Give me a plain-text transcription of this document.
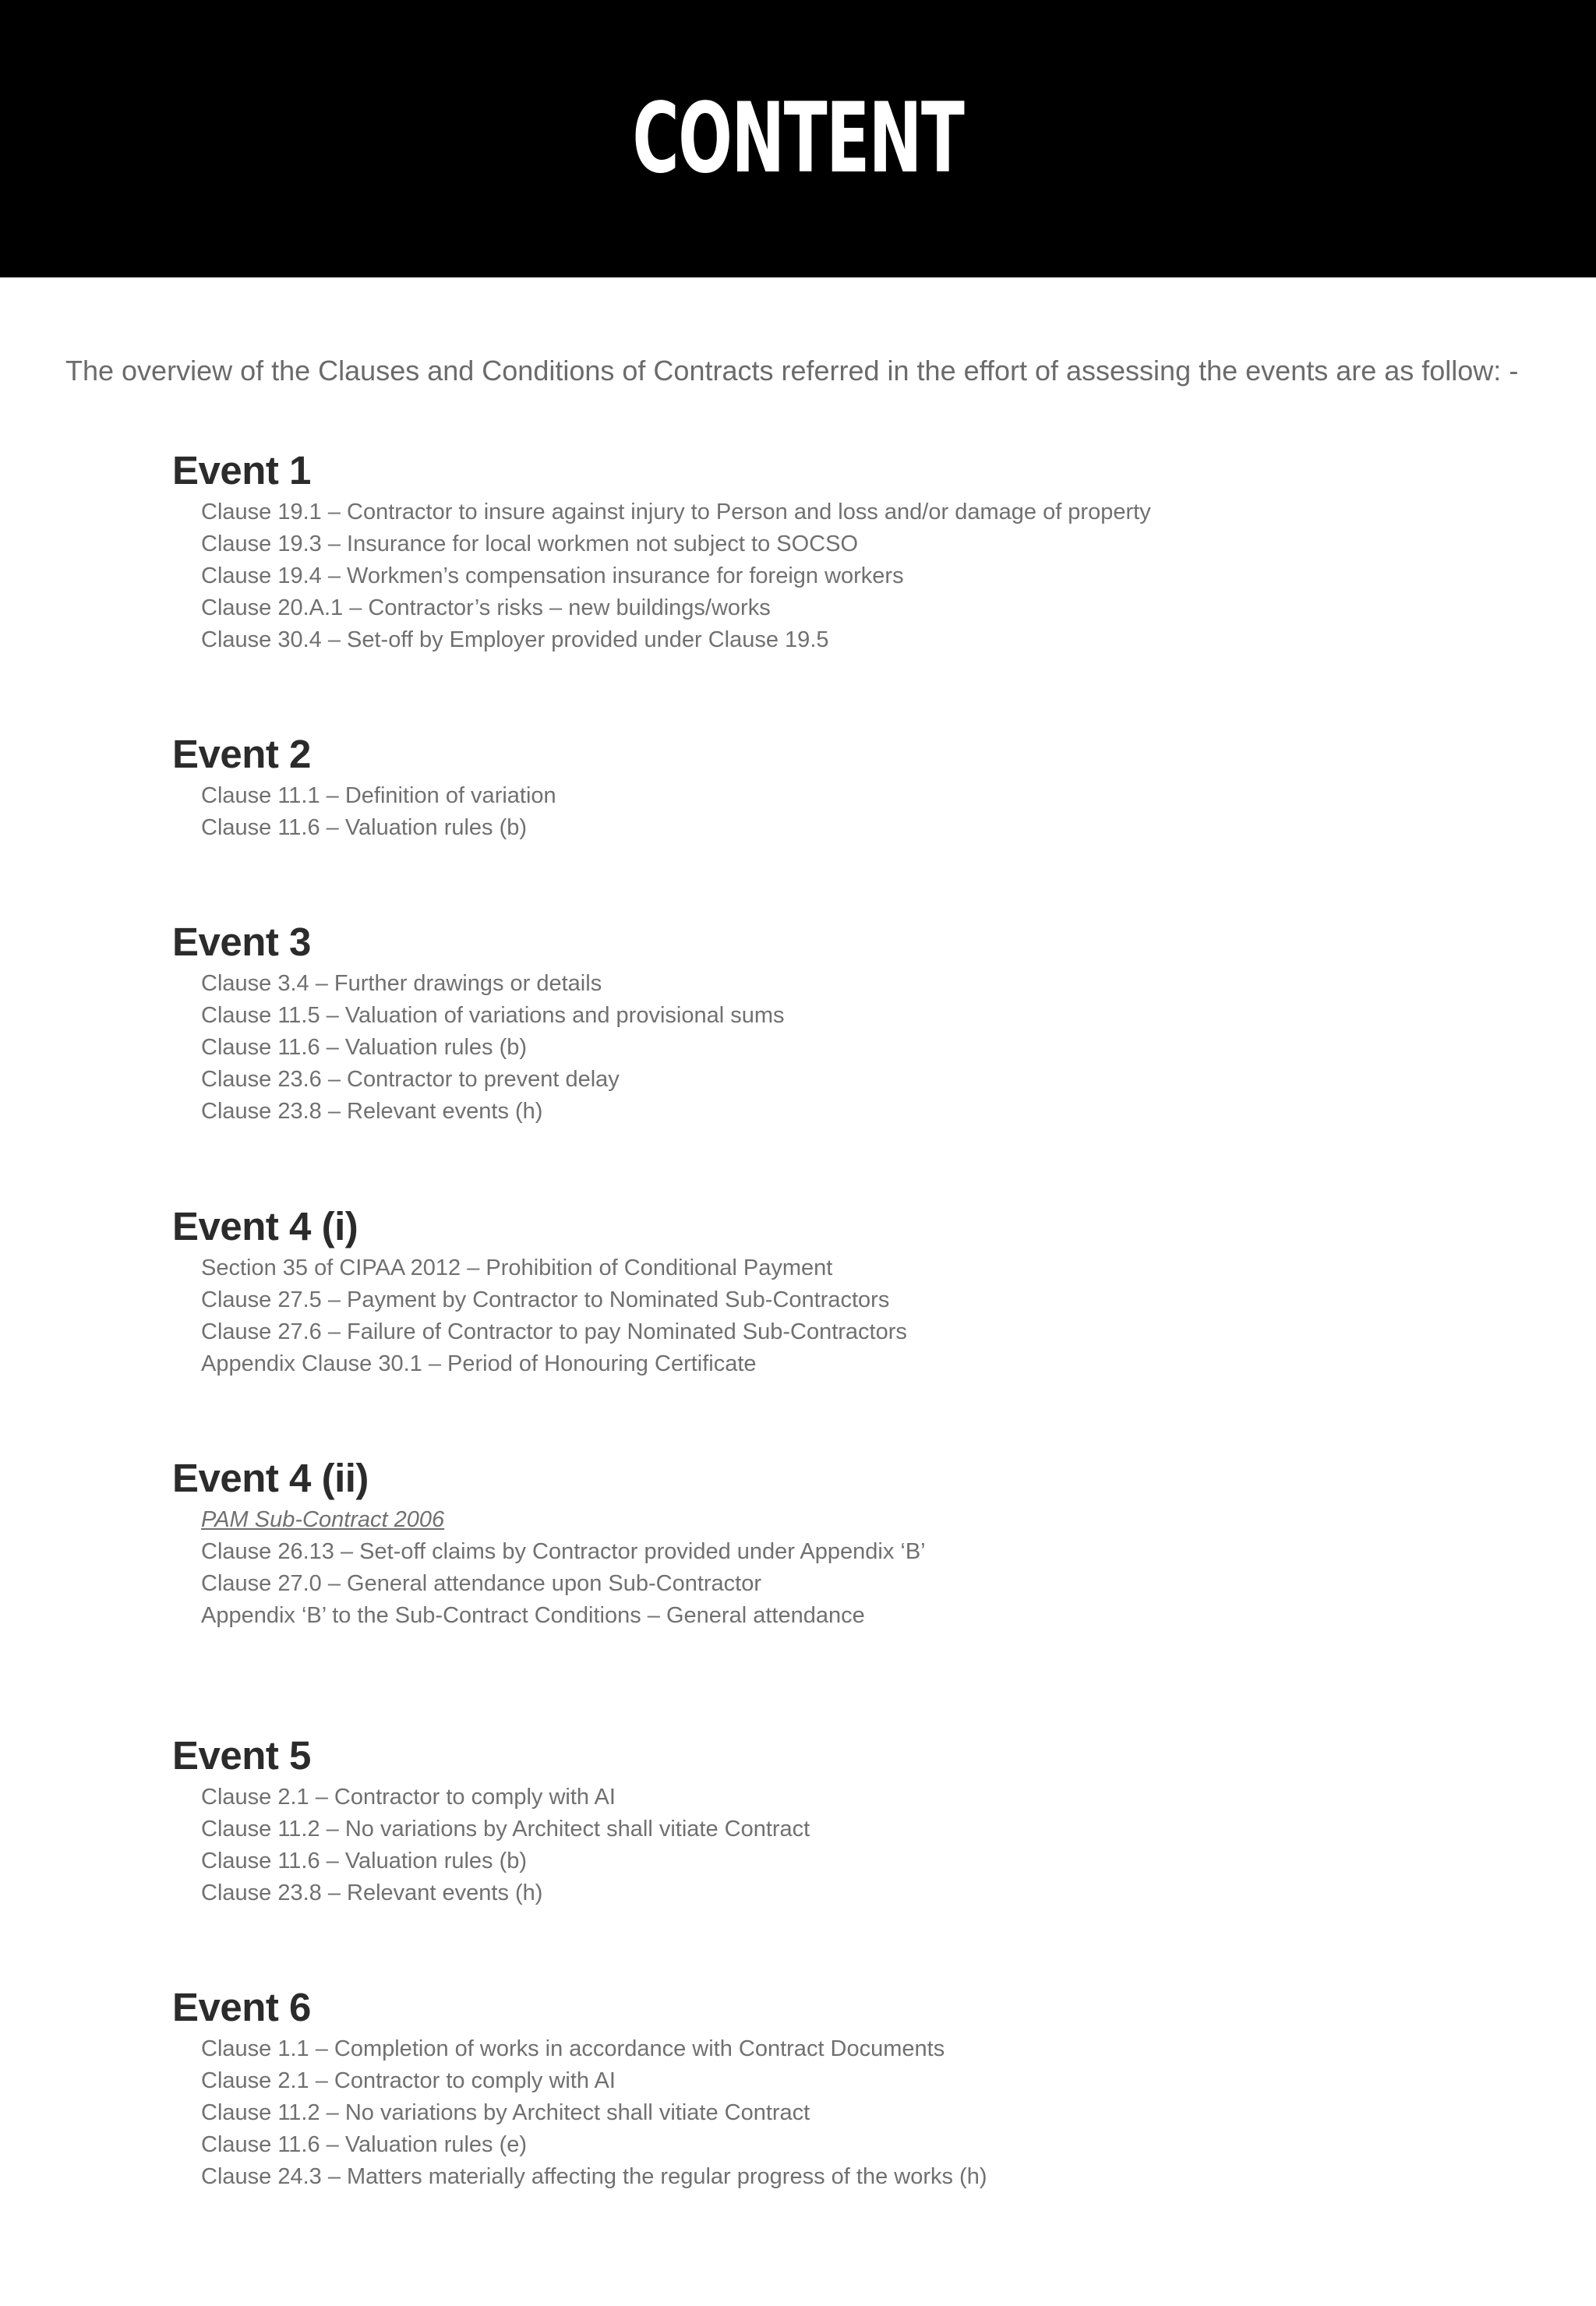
CONTENT

The overview of the Clauses and Conditions of Contracts referred in the effort of assessing the events are as follow: -

Event 1
Clause 19.1 – Contractor to insure against injury to Person and loss and/or damage of property
Clause 19.3 – Insurance for local workmen not subject to SOCSO
Clause 19.4 – Workmen’s compensation insurance for foreign workers
Clause 20.A.1 – Contractor’s risks – new buildings/works
Clause 30.4 – Set-off by Employer provided under Clause 19.5
Event 2
Clause 11.1 – Definition of variation
Clause 11.6 – Valuation rules (b)
Event 3
Clause 3.4 – Further drawings or details
Clause 11.5 – Valuation of variations and provisional sums
Clause 11.6 – Valuation rules (b)
Clause 23.6 – Contractor to prevent delay
Clause 23.8 – Relevant events (h)
Event 4 (i)
Section 35 of CIPAA 2012 – Prohibition of Conditional Payment
Clause 27.5 – Payment by Contractor to Nominated Sub-Contractors
Clause 27.6 – Failure of Contractor to pay Nominated Sub-Contractors
Appendix Clause 30.1 – Period of Honouring Certificate
Event 4 (ii)
PAM Sub-Contract 2006
Clause 26.13 – Set-off claims by Contractor provided under Appendix ‘B’
Clause 27.0 – General attendance upon Sub-Contractor
Appendix ‘B’ to the Sub-Contract Conditions – General attendance
Event 5
Clause 2.1 – Contractor to comply with AI
Clause 11.2 – No variations by Architect shall vitiate Contract
Clause 11.6 – Valuation rules (b)
Clause 23.8 – Relevant events (h)
Event 6
Clause 1.1 – Completion of works in accordance with Contract Documents
Clause 2.1 – Contractor to comply with AI
Clause 11.2 – No variations by Architect shall vitiate Contract
Clause 11.6 – Valuation rules (e)
Clause 24.3 – Matters materially affecting the regular progress of the works (h)
